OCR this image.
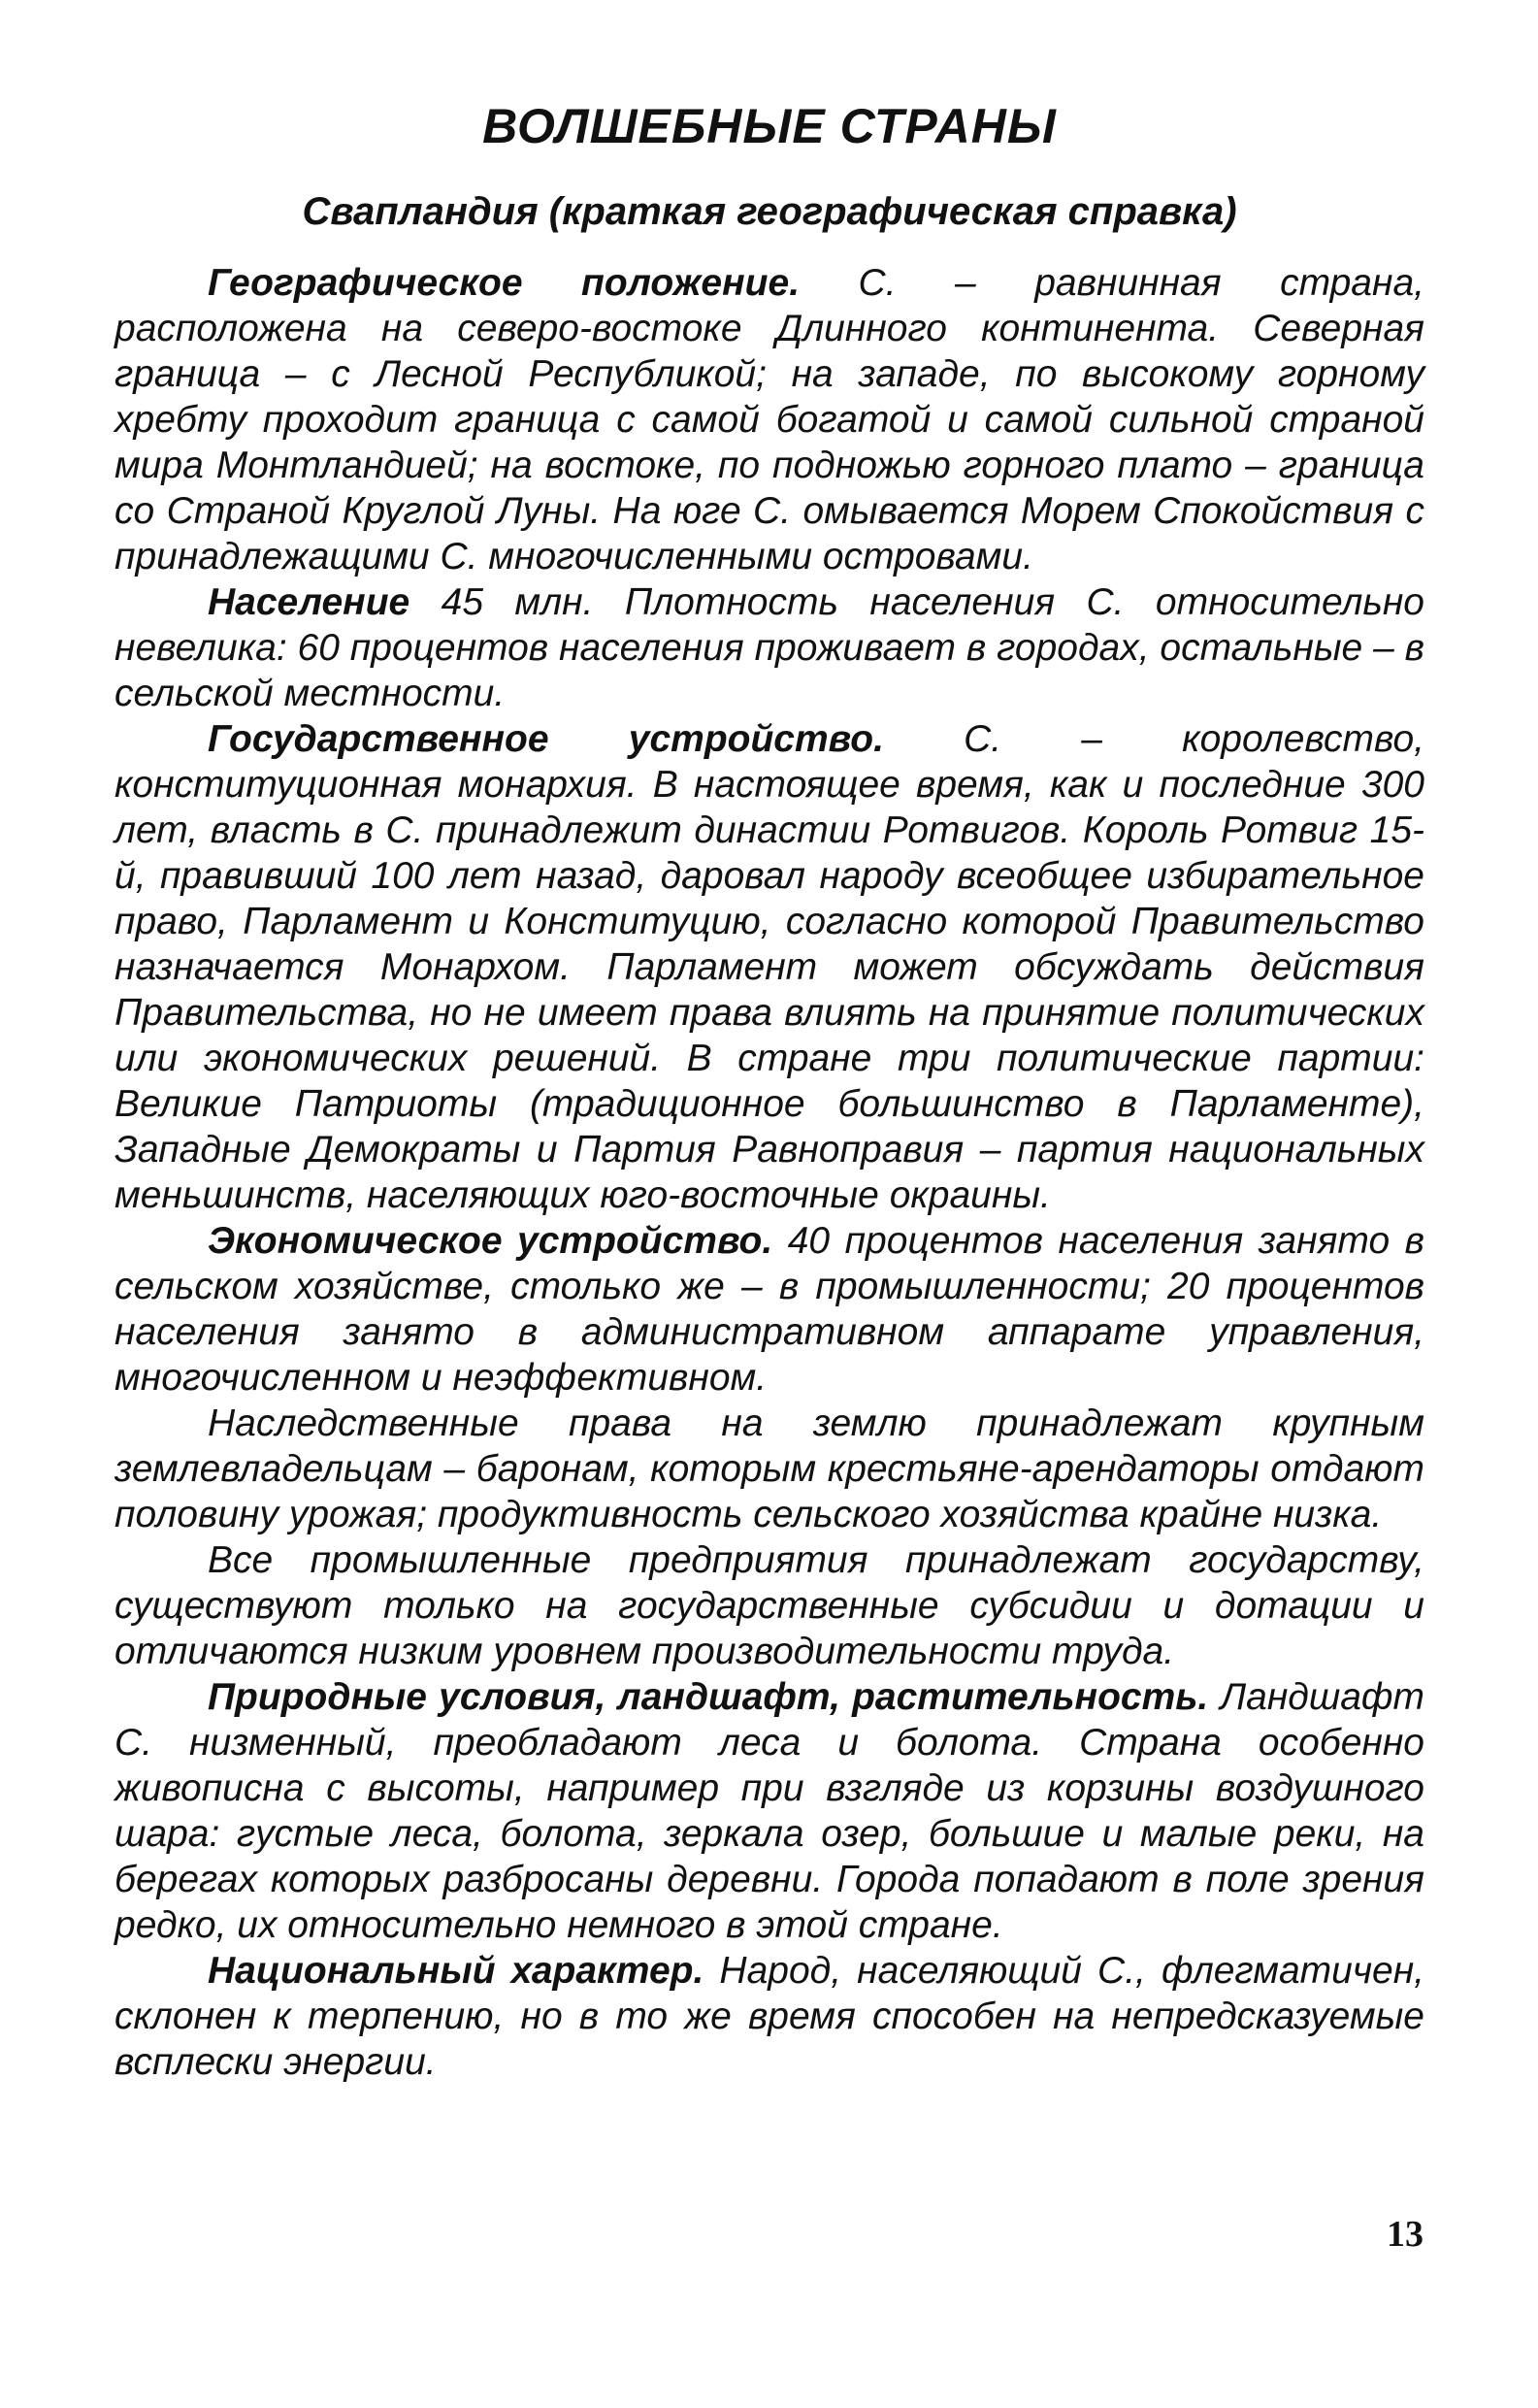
ВОЛШЕБНЫЕ СТРАНЫ
Свапландия (краткая географическая справка)

Географическое положение. С. – равнинная страна, расположена на северо-востоке Длинного континента. Северная граница – с Лесной Республикой; на западе, по высокому горному хребту проходит граница с самой богатой и самой сильной страной мира Монтландией; на востоке, по подножью горного плато – граница со Страной Круглой Луны. На юге С. омывается Морем Спокойствия с принадлежащими С. многочисленными островами.

Население 45 млн. Плотность населения С. относительно невелика: 60 процентов населения проживает в городах, остальные – в сельской местности.

Государственное устройство. С. – королевство, конституционная монархия. В настоящее время, как и последние 300 лет, власть в С. принадлежит династии Ротвигов. Король Ротвиг 15-й, правивший 100 лет назад, даровал народу всеобщее избирательное право, Парламент и Конституцию, согласно которой Правительство назначается Монархом. Парламент может обсуждать действия Правительства, но не имеет права влиять на принятие политических или экономических решений. В стране три политические партии: Великие Патриоты (традиционное большинство в Парламенте), Западные Демократы и Партия Равноправия – партия национальных меньшинств, населяющих юго-восточные окраины.

Экономическое устройство. 40 процентов населения занято в сельском хозяйстве, столько же – в промышленности; 20 процентов населения занято в административном аппарате управления, многочисленном и неэффективном.

Наследственные права на землю принадлежат крупным землевладельцам – баронам, которым крестьяне-арендаторы отдают половину урожая; продуктивность сельского хозяйства крайне низка.

Все промышленные предприятия принадлежат государству, существуют только на государственные субсидии и дотации и отличаются низким уровнем производительности труда.

Природные условия, ландшафт, растительность. Ландшафт С. низменный, преобладают леса и болота. Страна особенно живописна с высоты, например при взгляде из корзины воздушного шара: густые леса, болота, зеркала озер, большие и малые реки, на берегах которых разбросаны деревни. Города попадают в поле зрения редко, их относительно немного в этой стране.

Национальный характер. Народ, населяющий С., флегматичен, склонен к терпению, но в то же время способен на непредсказуемые всплески энергии.

13
